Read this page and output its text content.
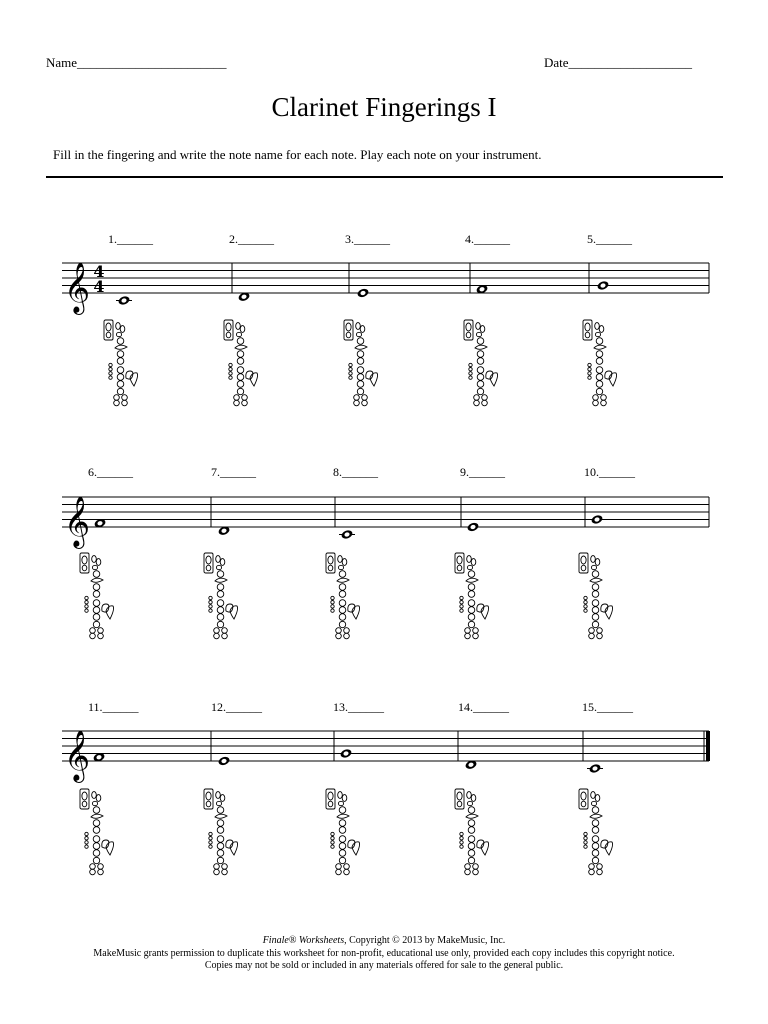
Name_______________________	Date___________________
Clarinet Fingerings I
Fill in the fingering and write the note name for each note. Play each note on your instrument.
𝄞 4
4
𝄞
𝄞
1.______	2.______	3.______	4.______	5.______
6.______	7.______	8.______	9.______	10.______
11.______	12.______	13.______	14.______	15.______
Finale® Worksheets, Copyright © 2013 by MakeMusic, Inc.
MakeMusic grants permission to duplicate this worksheet for non-profit, educational use only, provided each copy includes this copyright notice.
Copies may not be sold or included in any materials offered for sale to the general public.
